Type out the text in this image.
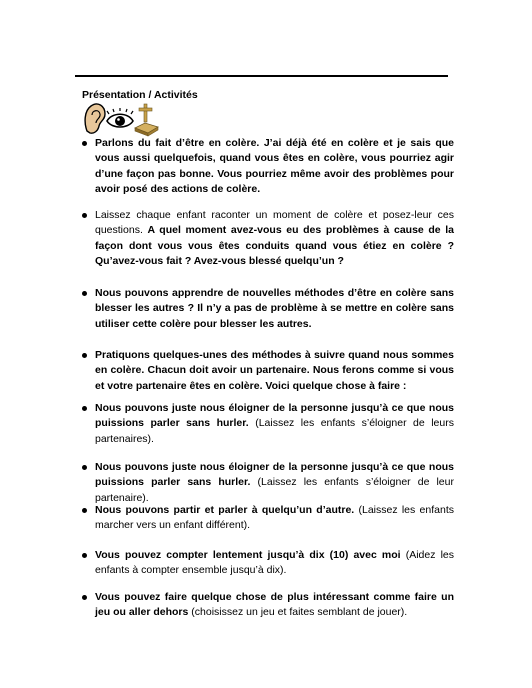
Présentation / Activités
Parlons du fait d’être en colère. J’ai déjà été en colère et je sais que vous aussi quelquefois, quand vous êtes en colère, vous pourriez agir d’une façon pas bonne. Vous pourriez même avoir des problèmes pour avoir posé des actions de colère.
Laissez chaque enfant raconter un moment de colère et posez-leur ces questions. A quel moment avez-vous eu des problèmes à cause de la façon dont vous vous êtes conduits quand vous étiez en colère ? Qu’avez-vous fait ? Avez-vous blessé quelqu’un ?
Nous pouvons apprendre de nouvelles méthodes d’être en colère sans blesser les autres ? Il n’y a pas de problème à se mettre en colère sans utiliser cette colère pour blesser les autres.
Pratiquons quelques-unes des méthodes à suivre quand nous sommes en colère. Chacun doit avoir un partenaire. Nous ferons comme si vous et votre partenaire êtes en colère. Voici quelque chose à faire :
Nous pouvons juste nous éloigner de la personne jusqu’à ce que nous puissions parler sans hurler. (Laissez les enfants s’éloigner de leurs partenaires).
Nous pouvons juste nous éloigner de la personne jusqu’à ce que nous puissions parler sans hurler. (Laissez les enfants s’éloigner de leur partenaire).
Nous pouvons partir et parler à quelqu’un d’autre. (Laissez les enfants marcher vers un enfant différent).
Vous pouvez compter lentement jusqu’à dix (10) avec moi (Aidez les enfants à compter ensemble jusqu’à dix).
Vous pouvez faire quelque chose de plus intéressant comme faire un jeu ou aller dehors (choisissez un jeu et faites semblant de jouer).
